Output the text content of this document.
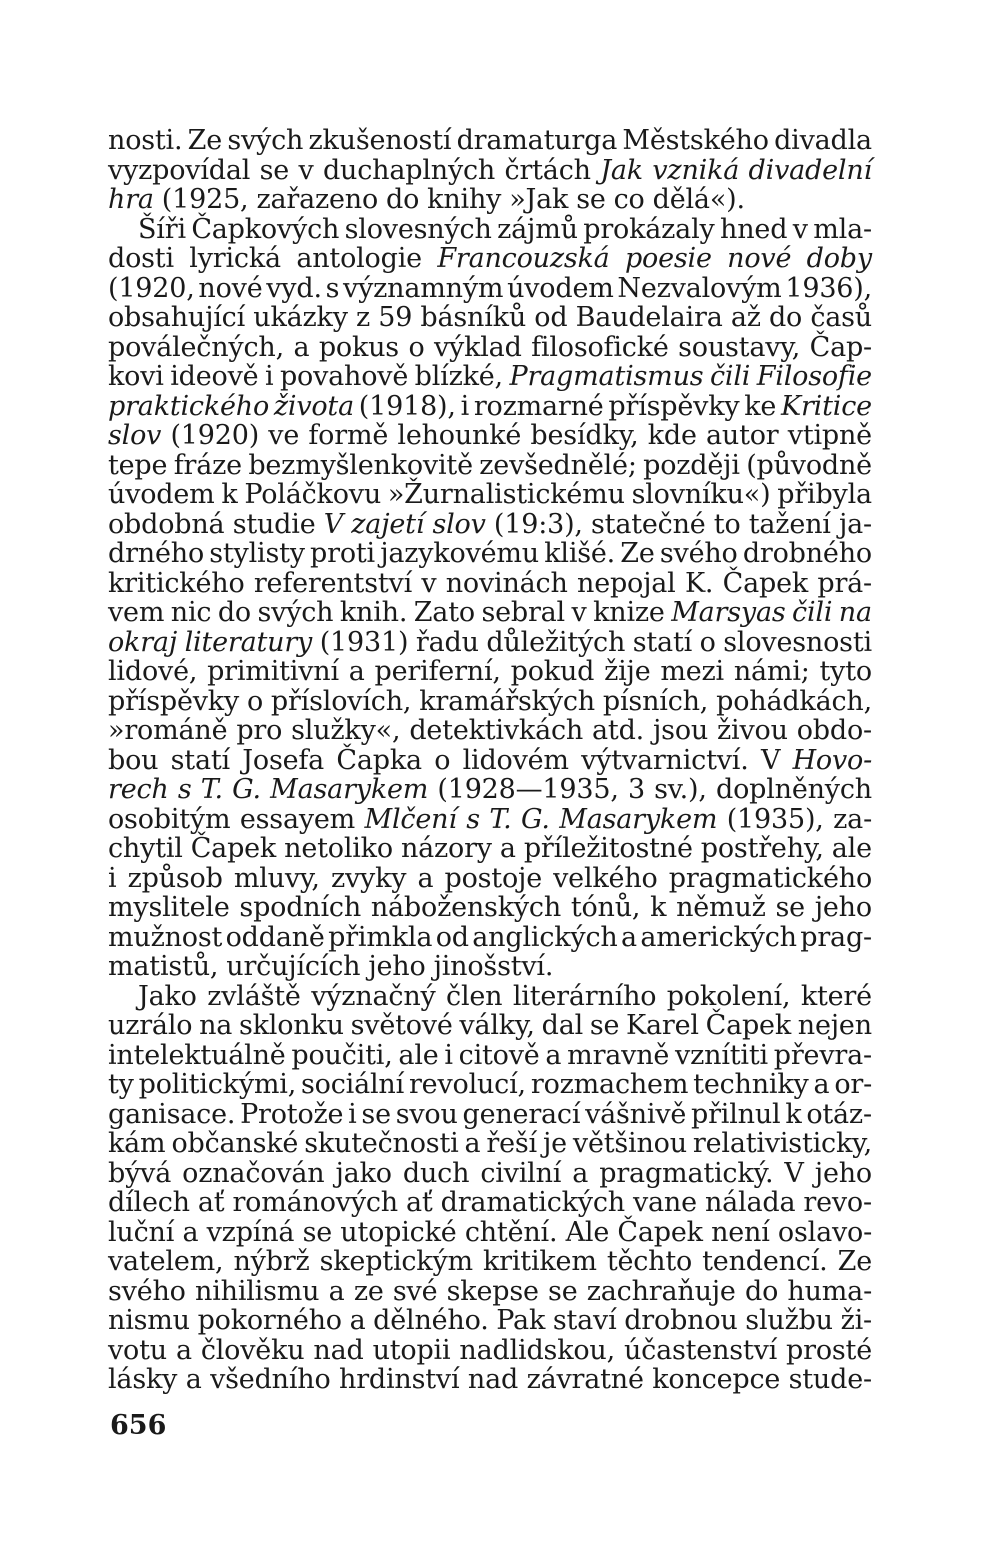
nosti. Ze svých zkušeností dramaturga Městského divadla
vyzpovídal se v duchaplných črtách Jak vzniká divadelní
hra (1925, zařazeno do knihy »Jak se co dělá«).
Šíři Čapkových slovesných zájmů prokázaly hned v mla-
dosti lyrická antologie Francouzská poesie nové doby
(1920, nové vyd. s významným úvodem Nezvalovým 1936),
obsahující ukázky z 59 básníků od Baudelaira až do časů
poválečných, a pokus o výklad filosofické soustavy, Čap-
kovi ideově i povahově blízké, Pragmatismus čili Filosofie
praktického života (1918), i rozmarné příspěvky ke Kritice
slov (1920) ve formě lehounké besídky, kde autor vtipně
tepe fráze bezmyšlenkovitě zevšednělé; později (původně
úvodem k Poláčkovu »Žurnalistickému slovníku«) přibyla
obdobná studie V zajetí slov (19:3), statečné to tažení ja-
drného stylisty proti jazykovému klišé. Ze svého drobného
kritického referentství v novinách nepojal K. Čapek prá-
vem nic do svých knih. Zato sebral v knize Marsyas čili na
okraj literatury (1931) řadu důležitých statí o slovesnosti
lidové, primitivní a periferní, pokud žije mezi námi; tyto
příspěvky o příslovích, kramářských písních, pohádkách,
»románě pro služky«, detektivkách atd. jsou živou obdo-
bou statí Josefa Čapka o lidovém výtvarnictví. V Hovo-
rech s T. G. Masarykem (1928—1935, 3 sv.), doplněných
osobitým essayem Mlčení s T. G. Masarykem (1935), za-
chytil Čapek netoliko názory a příležitostné postřehy, ale
i způsob mluvy, zvyky a postoje velkého pragmatického
myslitele spodních náboženských tónů, k němuž se jeho
mužnost oddaně přimkla od anglických a amerických prag-
matistů, určujících jeho jinošství.
Jako zvláště význačný člen literárního pokolení, které
uzrálo na sklonku světové války, dal se Karel Čapek nejen
intelektuálně poučiti, ale i citově a mravně vznítiti převra-
ty politickými, sociální revolucí, rozmachem techniky a or-
ganisace. Protože i se svou generací vášnivě přilnul k otáz-
kám občanské skutečnosti a řeší je většinou relativisticky,
bývá označován jako duch civilní a pragmatický. V jeho
dílech ať románových ať dramatických vane nálada revo-
luční a vzpíná se utopické chtění. Ale Čapek není oslavo-
vatelem, nýbrž skeptickým kritikem těchto tendencí. Ze
svého nihilismu a ze své skepse se zachraňuje do huma-
nismu pokorného a dělného. Pak staví drobnou službu ži-
votu a člověku nad utopii nadlidskou, účastenství prosté
lásky a všedního hrdinství nad závratné koncepce stude-
656
